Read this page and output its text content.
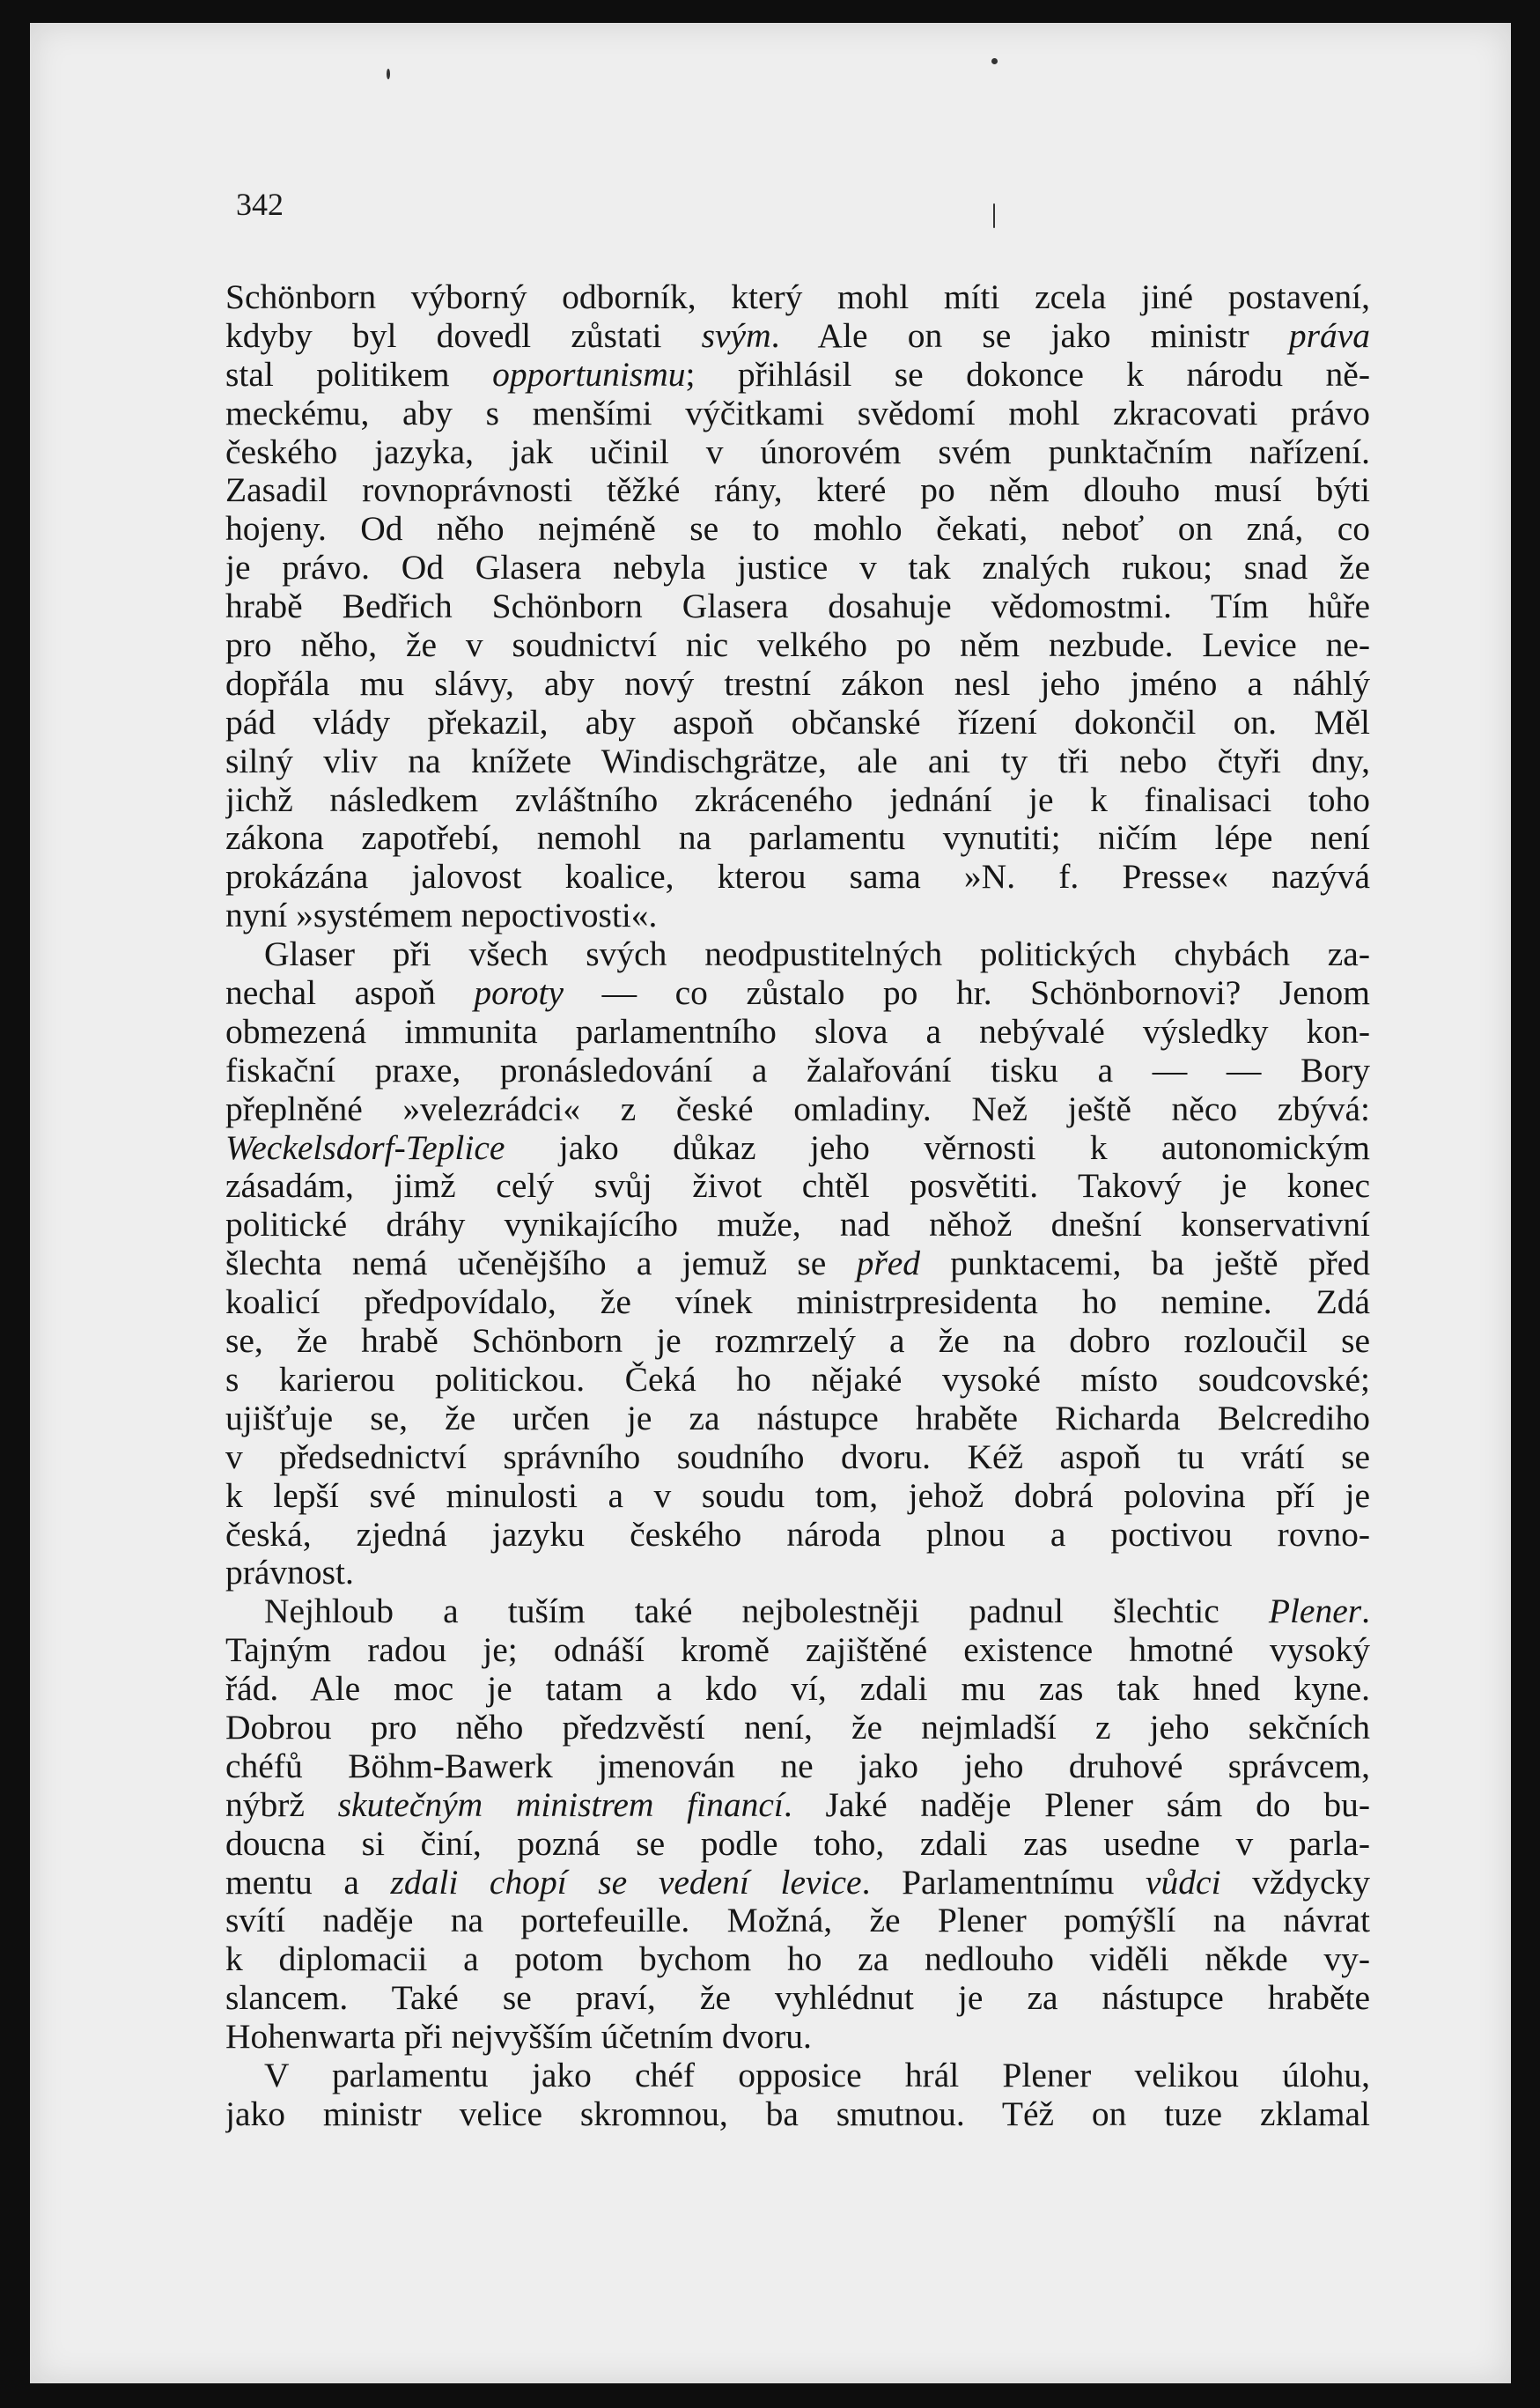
342
Schönborn výborný odborník, který mohl míti zcela jiné postavení,
kdyby byl dovedl zůstati svým. Ale on se jako ministr práva
stal politikem opportunismu; přihlásil se dokonce k národu ně-
meckému, aby s menšími výčitkami svědomí mohl zkracovati právo
českého jazyka, jak učinil v únorovém svém punktačním nařízení.
Zasadil rovnoprávnosti těžké rány, které po něm dlouho musí býti
hojeny. Od něho nejméně se to mohlo čekati, neboť on zná, co
je právo. Od Glasera nebyla justice v tak znalých rukou; snad že
hrabě Bedřich Schönborn Glasera dosahuje vědomostmi. Tím hůře
pro něho, že v soudnictví nic velkého po něm nezbude. Levice ne-
dopřála mu slávy, aby nový trestní zákon nesl jeho jméno a náhlý
pád vlády překazil, aby aspoň občanské řízení dokončil on. Měl
silný vliv na knížete Windischgrätze, ale ani ty tři nebo čtyři dny,
jichž následkem zvláštního zkráceného jednání je k finalisaci toho
zákona zapotřebí, nemohl na parlamentu vynutiti; ničím lépe není
prokázána jalovost koalice, kterou sama »N. f. Presse« nazývá
nyní »systémem nepoctivosti«.
Glaser při všech svých neodpustitelných politických chybách za-
nechal aspoň poroty — co zůstalo po hr. Schönbornovi? Jenom
obmezená immunita parlamentního slova a nebývalé výsledky kon-
fiskační praxe, pronásledování a žalařování tisku a — — Bory
přeplněné »velezrádci« z české omladiny. Než ještě něco zbývá:
Weckelsdorf-Teplice jako důkaz jeho věrnosti k autonomickým
zásadám, jimž celý svůj život chtěl posvětiti. Takový je konec
politické dráhy vynikajícího muže, nad něhož dnešní konservativní
šlechta nemá učenějšího a jemuž se před punktacemi, ba ještě před
koalicí předpovídalo, že vínek ministrpresidenta ho nemine. Zdá
se, že hrabě Schönborn je rozmrzelý a že na dobro rozloučil se
s karierou politickou. Čeká ho nějaké vysoké místo soudcovské;
ujišťuje se, že určen je za nástupce hraběte Richarda Belcrediho
v předsednictví správního soudního dvoru. Kéž aspoň tu vrátí se
k lepší své minulosti a v soudu tom, jehož dobrá polovina pří je
česká, zjedná jazyku českého národa plnou a poctivou rovno-
právnost.
Nejhloub a tuším také nejbolestněji padnul šlechtic Plener.
Tajným radou je; odnáší kromě zajištěné existence hmotné vysoký
řád. Ale moc je tatam a kdo ví, zdali mu zas tak hned kyne.
Dobrou pro něho předzvěstí není, že nejmladší z jeho sekčních
chéfů Böhm-Bawerk jmenován ne jako jeho druhové správcem,
nýbrž skutečným ministrem financí. Jaké naděje Plener sám do bu-
doucna si činí, pozná se podle toho, zdali zas usedne v parla-
mentu a zdali chopí se vedení levice. Parlamentnímu vůdci vždycky
svítí naděje na portefeuille. Možná, že Plener pomýšlí na návrat
k diplomacii a potom bychom ho za nedlouho viděli někde vy-
slancem. Také se praví, že vyhlédnut je za nástupce hraběte
Hohenwarta při nejvyšším účetním dvoru.
V parlamentu jako chéf opposice hrál Plener velikou úlohu,
jako ministr velice skromnou, ba smutnou. Též on tuze zklamal
